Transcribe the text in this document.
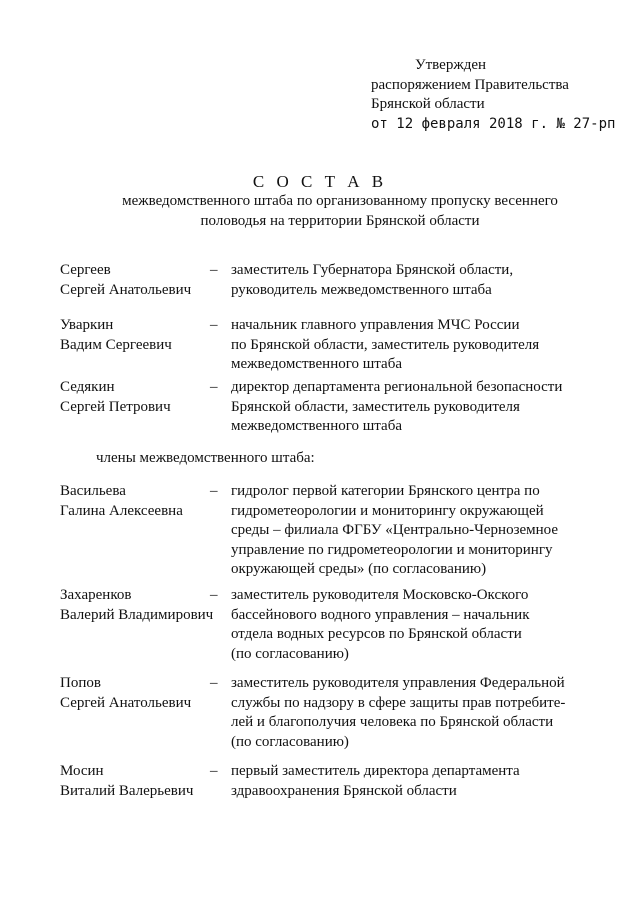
Утвержден
распоряжением Правительства
Брянской области
от 12 февраля 2018 г. № 27-рп
С О С Т А В
межведомственного штаба по организованному пропуску весеннего
половодья на территории Брянской области
Сергеев
Сергей Анатольевич
– заместитель Губернатора Брянской области,
руководитель межведомственного штаба
Уваркин
Вадим Сергеевич
– начальник главного управления МЧС России
по Брянской области, заместитель руководителя
межведомственного штаба
Седякин
Сергей Петрович
– директор департамента региональной безопасности
Брянской области, заместитель руководителя
межведомственного штаба
члены межведомственного штаба:
Васильева
Галина Алексеевна
– гидролог первой категории Брянского центра по
гидрометеорологии и мониторингу окружающей
среды – филиала ФГБУ «Центрально-Черноземное
управление по гидрометеорологии и мониторингу
окружающей среды» (по согласованию)
Захаренков
Валерий Владимирович
– заместитель руководителя Московско-Окского
бассейнового водного управления – начальник
отдела водных ресурсов по Брянской области
(по согласованию)
Попов
Сергей Анатольевич
– заместитель руководителя управления Федеральной
службы по надзору в сфере защиты прав потребите-
лей и благополучия человека по Брянской области
(по согласованию)
Мосин
Виталий Валерьевич
– первый заместитель директора департамента
здравоохранения Брянской области
